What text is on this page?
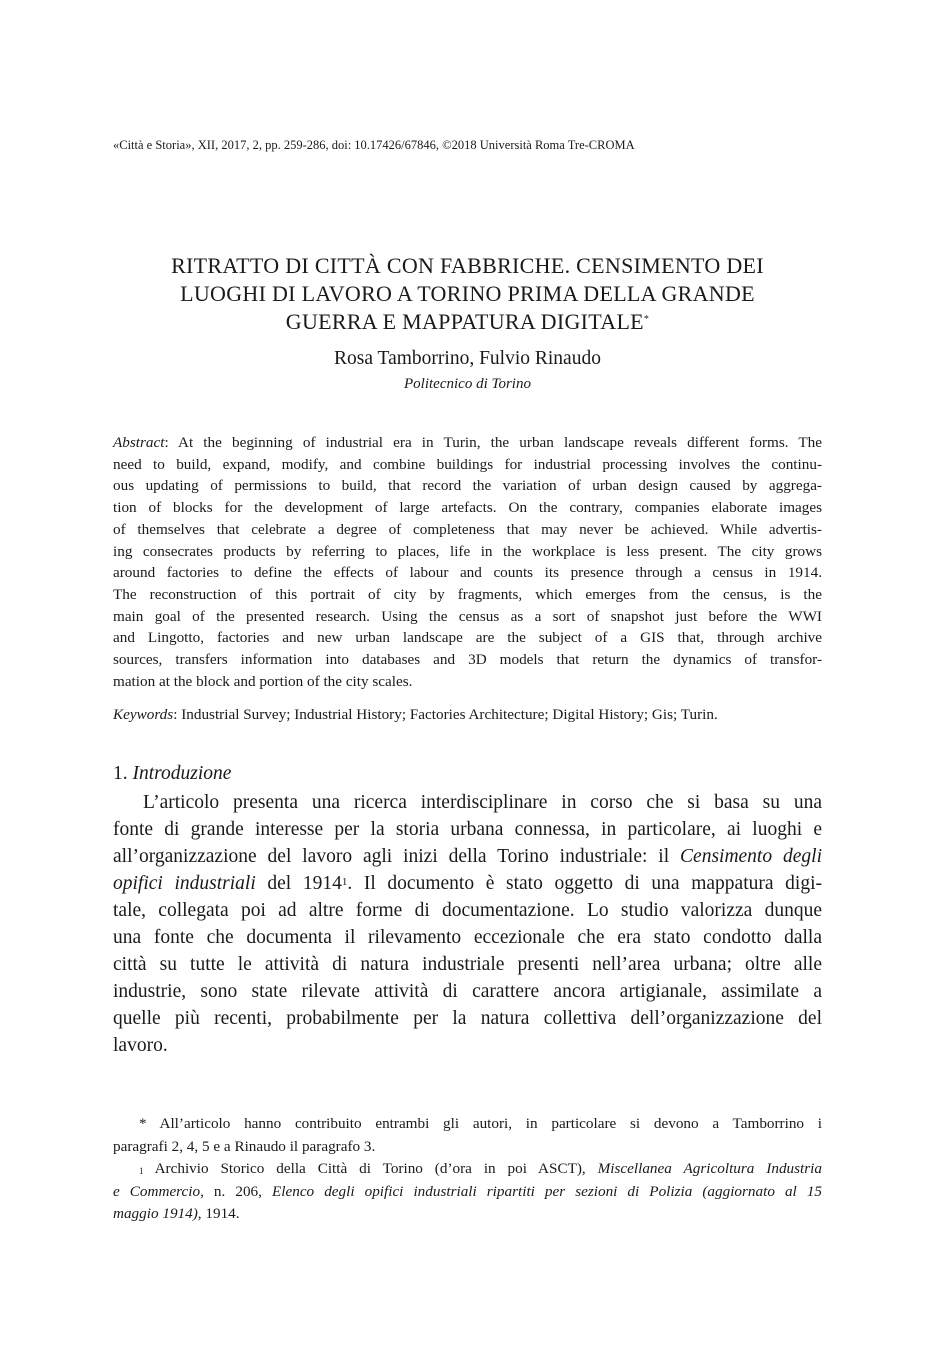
«Città e Storia», XII, 2017, 2, pp. 259-286, doi: 10.17426/67846, ©2018 Università Roma Tre-CROMA
RITRATTO DI CITTÀ CON FABBRICHE. CENSIMENTO DEI
LUOGHI DI LAVORO A TORINO PRIMA DELLA GRANDE
GUERRA E MAPPATURA DIGITALE*
Rosa Tamborrino, Fulvio Rinaudo
Politecnico di Torino
Abstract: At the beginning of industrial era in Turin, the urban landscape reveals different forms. The
need to build, expand, modify, and combine buildings for industrial processing involves the continu-
ous updating of permissions to build, that record the variation of urban design caused by aggrega-
tion of blocks for the development of large artefacts. On the contrary, companies elaborate images
of themselves that celebrate a degree of completeness that may never be achieved. While advertis-
ing consecrates products by referring to places, life in the workplace is less present. The city grows
around factories to define the effects of labour and counts its presence through a census in 1914.
The reconstruction of this portrait of city by fragments, which emerges from the census, is the
main goal of the presented research. Using the census as a sort of snapshot just before the WWI
and Lingotto, factories and new urban landscape are the subject of a GIS that, through archive
sources, transfers information into databases and 3D models that return the dynamics of transfor-
mation at the block and portion of the city scales.
Keywords: Industrial Survey; Industrial History; Factories Architecture; Digital History; Gis; Turin.
1. Introduzione
L’articolo presenta una ricerca interdisciplinare in corso che si basa su una
fonte di grande interesse per la storia urbana connessa, in particolare, ai luoghi e
all’organizzazione del lavoro agli inizi della Torino industriale: il Censimento degli
opifici industriali del 1914$^1$. Il documento è stato oggetto di una mappatura digi-
tale, collegata poi ad altre forme di documentazione. Lo studio valorizza dunque
una fonte che documenta il rilevamento eccezionale che era stato condotto dalla
città su tutte le attività di natura industriale presenti nell’area urbana; oltre alle
industrie, sono state rilevate attività di carattere ancora artigianale, assimilate a
quelle più recenti, probabilmente per la natura collettiva dell’organizzazione del
lavoro.
* All’articolo hanno contribuito entrambi gli autori, in particolare si devono a Tamborrino i
paragrafi 2, 4, 5 e a Rinaudo il paragrafo 3.
$^1$ Archivio Storico della Città di Torino (d’ora in poi ASCT), Miscellanea Agricoltura Industria
e Commercio, n. 206, Elenco degli opifici industriali ripartiti per sezioni di Polizia (aggiornato al 15
maggio 1914), 1914.
